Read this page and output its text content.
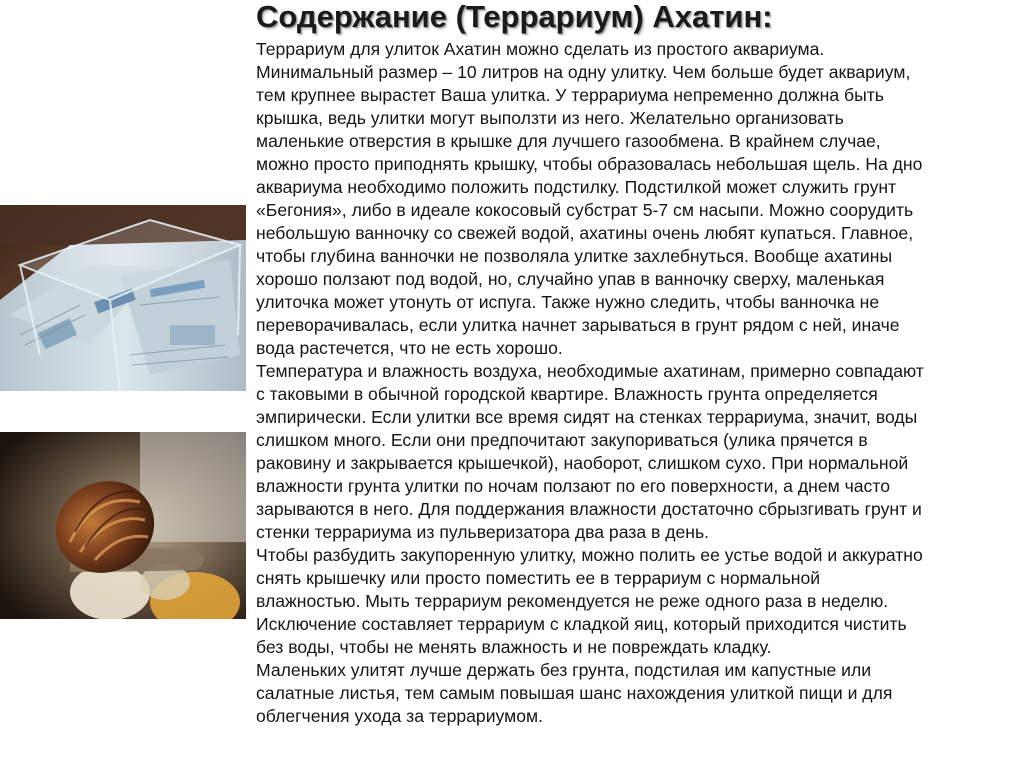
Содержание (Террариум) Ахатин:

Террариум для улиток Ахатин можно сделать из простого аквариума.
Минимальный размер – 10 литров на одну улитку. Чем больше будет аквариум,
тем крупнее вырастет Ваша улитка. У террариума непременно должна быть
крышка, ведь улитки могут выползти из него. Желательно организовать
маленькие отверстия в крышке для лучшего газообмена. В крайнем случае,
можно просто приподнять крышку, чтобы образовалась небольшая щель. На дно
аквариума необходимо положить подстилку. Подстилкой может служить грунт
«Бегония», либо в идеале кокосовый субстрат 5-7 см насыпи. Можно соорудить
небольшую ванночку со свежей водой, ахатины очень любят купаться. Главное,
чтобы глубина ванночки не позволяла улитке захлебнуться. Вообще ахатины
хорошо ползают под водой, но, случайно упав в ванночку сверху, маленькая
улиточка может утонуть от испуга. Также нужно следить, чтобы ванночка не
переворачивалась, если улитка начнет зарываться в грунт рядом с ней, иначе
вода растечется, что не есть хорошо.

Температура и влажность воздуха, необходимые ахатинам, примерно совпадают
с таковыми в обычной городской квартире. Влажность грунта определяется
эмпирически. Если улитки все время сидят на стенках террариума, значит, воды
слишком много. Если они предпочитают закупориваться (улика прячется в
раковину и закрывается крышечкой), наоборот, слишком сухо. При нормальной
влажности грунта улитки по ночам ползают по его поверхности, а днем часто
зарываются в него. Для поддержания влажности достаточно сбрызгивать грунт и
стенки террариума из пульверизатора два раза в день.

Чтобы разбудить закупоренную улитку, можно полить ее устье водой и аккуратно
снять крышечку или просто поместить ее в террариум с нормальной
влажностью. Мыть террариум рекомендуется не реже одного раза в неделю.
Исключение составляет террариум с кладкой яиц, который приходится чистить
без воды, чтобы не менять влажность и не повреждать кладку.

Маленьких улитят лучше держать без грунта, подстилая им капустные или
салатные листья, тем самым повышая шанс нахождения улиткой пищи и для
облегчения ухода за террариумом.
